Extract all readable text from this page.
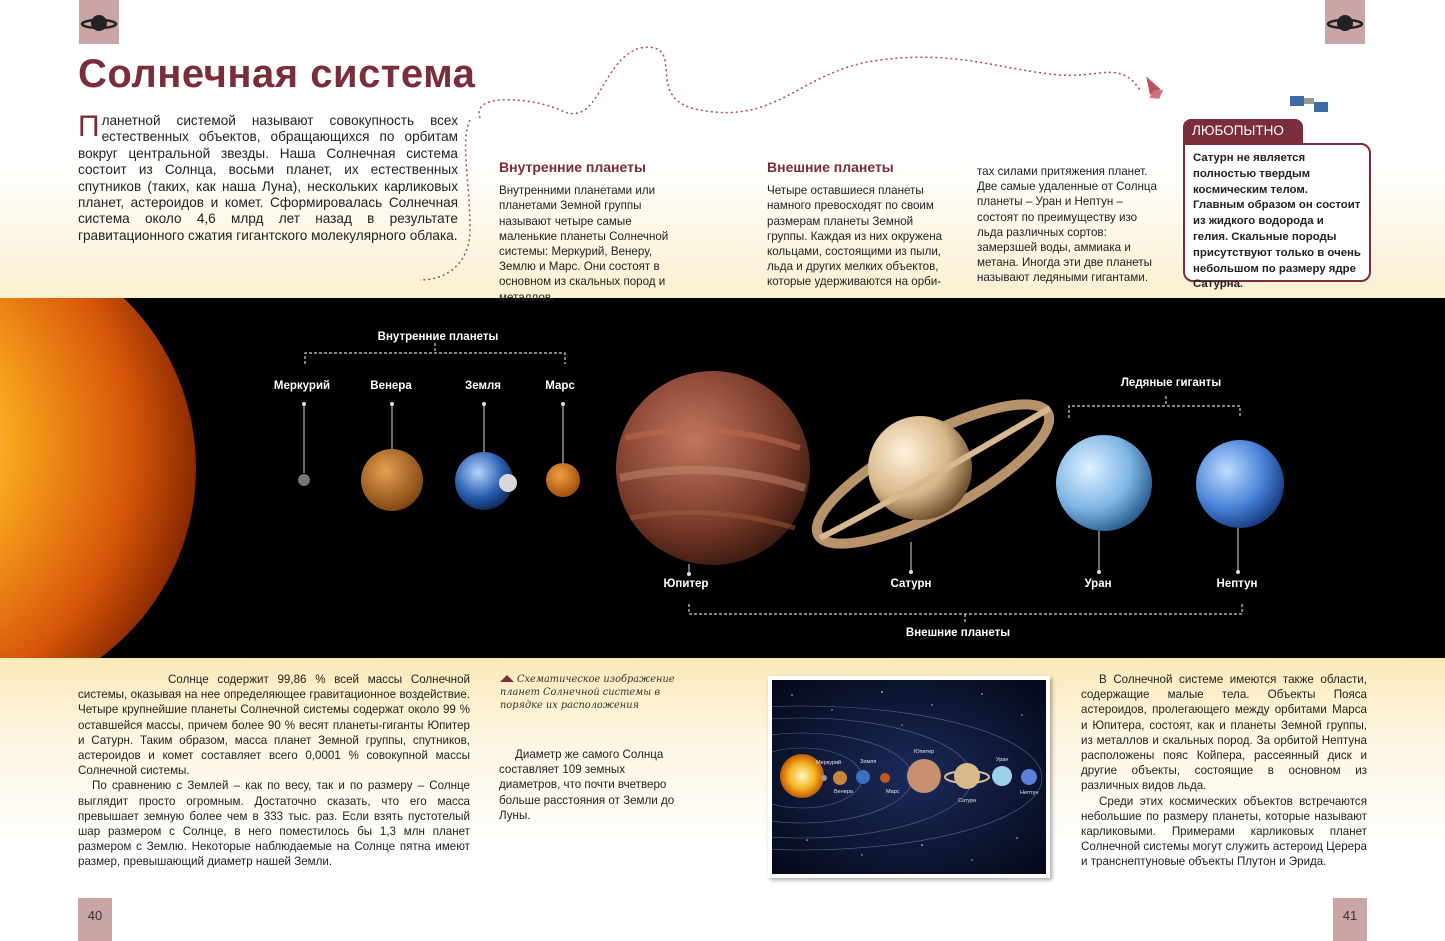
Солнечная система
Планетной системой называют совокупность всех естественных объектов, обращающихся по орбитам вокруг центральной звезды. Наша Солнечная система состоит из Солнца, восьми планет, их естественных спутников (таких, как наша Луна), нескольких карликовых планет, астероидов и комет. Сформировалась Солнечная система около 4,6 млрд лет назад в результате гравитационного сжатия гигантского молекулярного облака.
Внутренние планеты

Внутренними планетами или планетами Земной группы называют четыре самые маленькие планеты Солнечной системы: Меркурий, Венеру, Землю и Марс. Они состоят в основном из скальных пород и металлов.

Внешние планеты

Четыре оставшиеся планеты намного превосходят по своим размерам планеты Земной группы. Каждая из них окружена кольцами, состоящими из пыли, льда и других мелких объектов, которые удерживаются на орби-

тах силами притяжения планет. Две самые удаленные от Солнца планеты – Уран и Нептун – состоят по преимуществу изо льда различных сортов: замерзшей воды, аммиака и метана. Иногда эти две планеты называют ледяными гигантами.

ЛЮБОПЫТНО

Сатурн не является полностью твердым космическим телом. Главным образом он состоит из жидкого водорода и гелия. Скальные породы присутствуют только в очень небольшом по размеру ядре Сатурна.

Внутренние планеты
Меркурий	Венера	Земля	Марс	Ледяные гиганты
Юпитер	Сатурн	Уран	Нептун
Внешние планеты

Солнце содержит 99,86 % всей массы Солнечной системы, оказывая на нее определяющее гравитационное воздействие. Четыре крупнейшие планеты Солнечной системы содержат около 99 % оставшейся массы, причем более 90 % весят планеты-гиганты Юпитер и Сатурн. Таким образом, масса планет Земной группы, спутников, астероидов и комет составляет всего 0,0001 % совокупной массы Солнечной системы.

По сравнению с Землей – как по весу, так и по размеру – Солнце выглядит просто огромным. Достаточно сказать, что его масса превышает земную более чем в 333 тыс. раз. Если взять пустотелый шар размером с Солнце, в него поместилось бы 1,3 млн планет размером с Землю. Некоторые наблюдаемые на Солнце пятна имеют размер, превышающий диаметр нашей Земли.

Схематическое изображение планет Солнечной системы в порядке их расположения

Диаметр же самого Солнца составляет 109 земных диаметров, что почти вчетверо больше расстояния от Земли до Луны.

Меркурий
Венера
Земля
Марс
Юпитер
Сатурн
Уран
Нептун

В Солнечной системе имеются также области, содержащие малые тела. Объекты Пояса астероидов, пролегающего между орбитами Марса и Юпитера, состоят, как и планеты Земной группы, из металлов и скальных пород. За орбитой Нептуна расположены пояс Койпера, рассеянный диск и другие объекты, состоящие в основном из различных видов льда.

Среди этих космических объектов встречаются небольшие по размеру планеты, которые называют карликовыми. Примерами карликовых планет Солнечной системы могут служить астероид Церера и транснептуновые объекты Плутон и Эрида.

40	41
